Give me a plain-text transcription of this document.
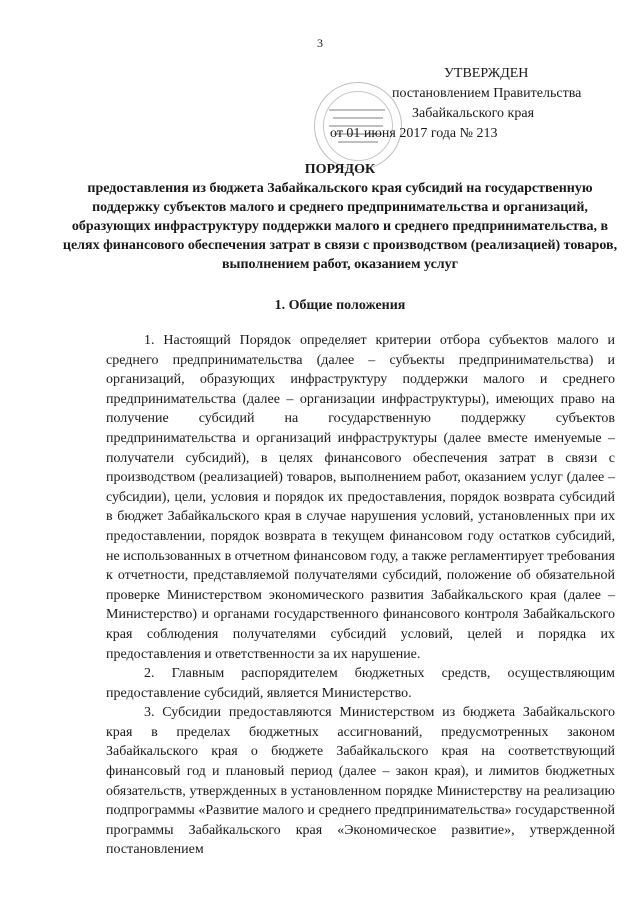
3
УТВЕРЖДЕН
постановлением Правительства
Забайкальского края
от 01 июня 2017 года № 213
ПОРЯДОК
предоставления из бюджета Забайкальского края субсидий на государственную поддержку субъектов малого и среднего предпринимательства и организаций, образующих инфраструктуру поддержки малого и среднего предпринимательства, в целях финансового обеспечения затрат в связи с производством (реализацией) товаров, выполнением работ, оказанием услуг
1. Общие положения

1. Настоящий Порядок определяет критерии отбора субъектов малого и среднего предпринимательства (далее – субъекты предпринимательства) и организаций, образующих инфраструктуру поддержки малого и среднего предпринимательства (далее – организации инфраструктуры), имеющих право на получение субсидий на государственную поддержку субъектов предпринимательства и организаций инфраструктуры (далее вместе именуемые – получатели субсидий), в целях финансового обеспечения затрат в связи с производством (реализацией) товаров, выполнением работ, оказанием услуг (далее – субсидии), цели, условия и порядок их предоставления, порядок возврата субсидий в бюджет Забайкальского края в случае нарушения условий, установленных при их предоставлении, порядок возврата в текущем финансовом году остатков субсидий, не использованных в отчетном финансовом году, а также регламентирует требования к отчетности, представляемой получателями субсидий, положение об обязательной проверке Министерством экономического развития Забайкальского края (далее – Министерство) и органами государственного финансового контроля Забайкальского края соблюдения получателями субсидий условий, целей и порядка их предоставления и ответственности за их нарушение.

2. Главным распорядителем бюджетных средств, осуществляющим предоставление субсидий, является Министерство.

3. Субсидии предоставляются Министерством из бюджета Забайкальского края в пределах бюджетных ассигнований, предусмотренных законом Забайкальского края о бюджете Забайкальского края на соответствующий финансовый год и плановый период (далее – закон края), и лимитов бюджетных обязательств, утвержденных в установленном порядке Министерству на реализацию подпрограммы «Развитие малого и среднего предпринимательства» государственной программы Забайкальского края «Экономическое развитие», утвержденной постановлением
